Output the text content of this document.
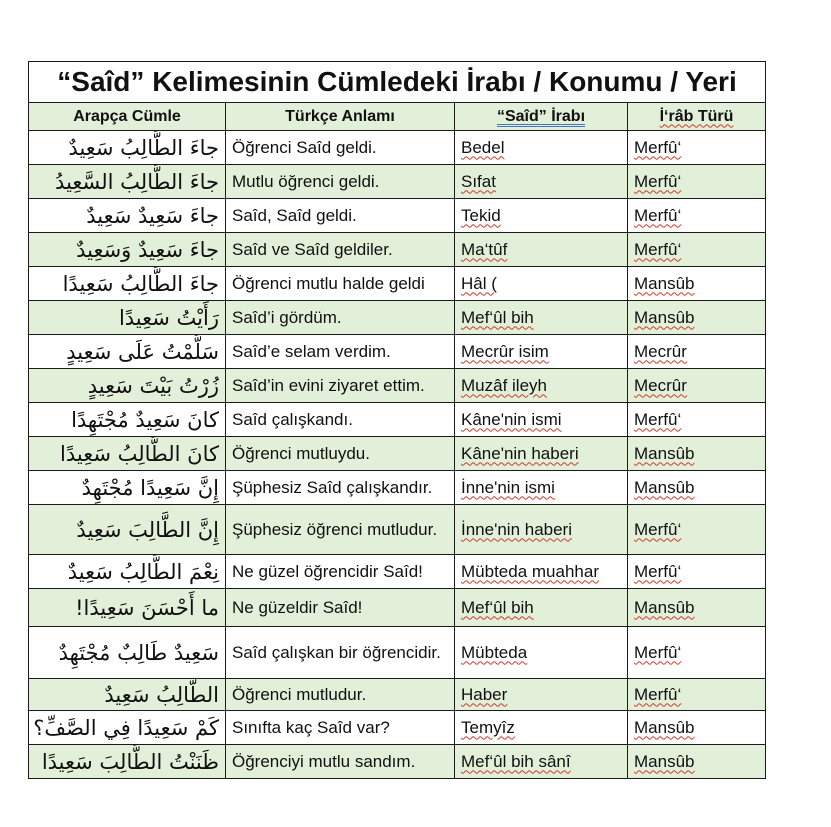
“Saîd” Kelimesinin Cümledeki İrabı / Konumu / Yeri			
Arapça Cümle	Türkçe Anlamı	“Saîd” İrabı	İ‘râb Türü
جاءَ الطَّالِبُ سَعِيدٌ	Öğrenci Saîd geldi.	Bedel	Merfû‘
جاءَ الطَّالِبُ السَّعِيدُ	Mutlu öğrenci geldi.	Sıfat	Merfû‘
جاءَ سَعِيدٌ سَعِيدٌ	Saîd, Saîd geldi.	Tekid	Merfû‘
جاءَ سَعِيدٌ وَسَعِيدٌ	Saîd ve Saîd geldiler.	Ma‘tûf	Merfû‘
جاءَ الطَّالِبُ سَعِيدًا	Öğrenci mutlu halde geldi	Hâl (	Mansûb
رَأَيْتُ سَعِيدًا	Saîd’i gördüm.	Mef‘ûl bih	Mansûb
سَلَّمْتُ عَلَى سَعِيدٍ	Saîd’e selam verdim.	Mecrûr isim	Mecrûr
زُرْتُ بَيْتَ سَعِيدٍ	Saîd’in evini ziyaret ettim.	Muzâf ileyh	Mecrûr
كانَ سَعِيدٌ مُجْتَهِدًا	Saîd çalışkandı.	Kâne'nin ismi	Merfû‘
كانَ الطَّالِبُ سَعِيدًا	Öğrenci mutluydu.	Kâne'nin haberi	Mansûb
إِنَّ سَعِيدًا مُجْتَهِدٌ	Şüphesiz Saîd çalışkandır.	İnne'nin ismi	Mansûb
إِنَّ الطَّالِبَ سَعِيدٌ	Şüphesiz öğrenci mutludur.	İnne'nin haberi	Merfû‘
نِعْمَ الطَّالِبُ سَعِيدٌ	Ne güzel öğrencidir Saîd!	Mübteda muahhar	Merfû‘
ما أَحْسَنَ سَعِيدًا!	Ne güzeldir Saîd!	Mef‘ûl bih	Mansûb
سَعِيدٌ طَالِبٌ مُجْتَهِدٌ	Saîd çalışkan bir öğrencidir.	Mübteda	Merfû‘
الطَّالِبُ سَعِيدٌ	Öğrenci mutludur.	Haber	Merfû‘
كَمْ سَعِيدًا فِي الصَّفِّ؟	Sınıfta kaç Saîd var?	Temyîz	Mansûb
ظَنَنْتُ الطَّالِبَ سَعِيدًا	Öğrenciyi mutlu sandım.	Mef‘ûl bih sânî	Mansûb
